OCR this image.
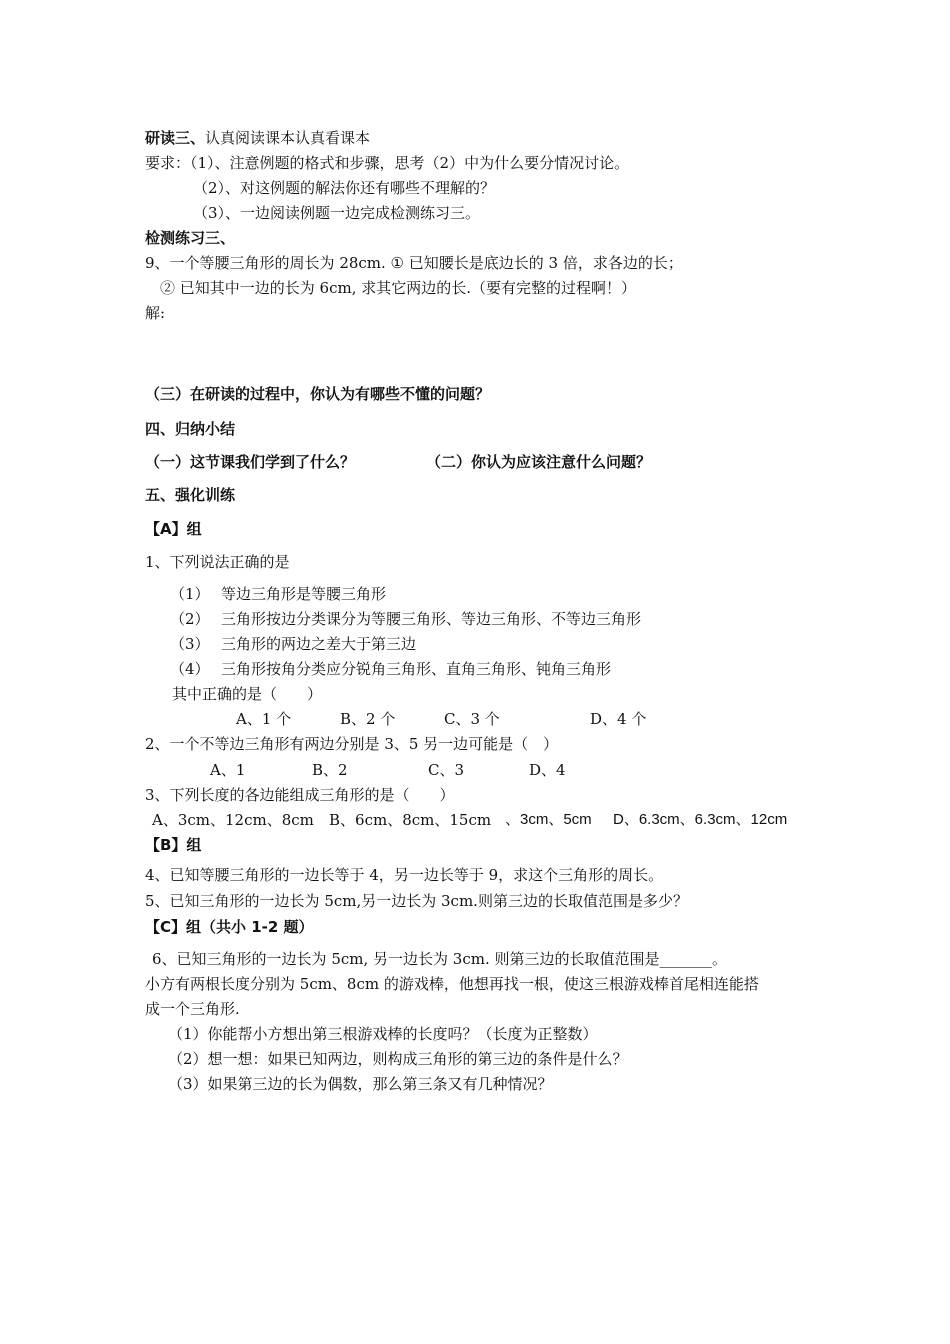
研读三、认真阅读课本认真看课本
要求：（1）、注意例题的格式和步骤，思考（2）中为什么要分情况讨论。
（2）、对这例题的解法你还有哪些不理解的？
（3）、一边阅读例题一边完成检测练习三。
检测练习三、
9、一个等腰三角形的周长为 28cm. ① 已知腰长是底边长的 3 倍，求各边的长；
② 已知其中一边的长为 6cm, 求其它两边的长.（要有完整的过程啊！）
解:
（三）在研读的过程中，你认为有哪些不懂的问题？
四、归纳小结
（一）这节课我们学到了什么？	（二）你认为应该注意什么问题？
五、强化训练
【A】组
1、下列说法正确的是
（1） 等边三角形是等腰三角形
（2） 三角形按边分类课分为等腰三角形、等边三角形、不等边三角形
（3） 三角形的两边之差大于第三边
（4） 三角形按角分类应分锐角三角形、直角三角形、钝角三角形
其中正确的是（　　）
A、1 个	B、2 个	C、3 个	D、4 个
2、一个不等边三角形有两边分别是 3、5 另一边可能是（　）
A、1	B、2	C、3	D、4
3、下列长度的各边能组成三角形的是（　　）
A、3cm、12cm、8cm B、6cm、8cm、15cm 、3cm、5cm D、6.3cm、6.3cm、12cm
【B】组
4、已知等腰三角形的一边长等于 4，另一边长等于 9，求这个三角形的周长。
5、已知三角形的一边长为 5cm,另一边长为 3cm.则第三边的长取值范围是多少？
【C】组（共小 1-2 题）
6、已知三角形的一边长为 5cm, 另一边长为 3cm. 则第三边的长取值范围是_______。
小方有两根长度分别为 5cm、8cm 的游戏棒，他想再找一根，使这三根游戏棒首尾相连能搭
成一个三角形.
（1）你能帮小方想出第三根游戏棒的长度吗？（长度为正整数）
（2）想一想：如果已知两边，则构成三角形的第三边的条件是什么？
（3）如果第三边的长为偶数，那么第三条又有几种情况？
